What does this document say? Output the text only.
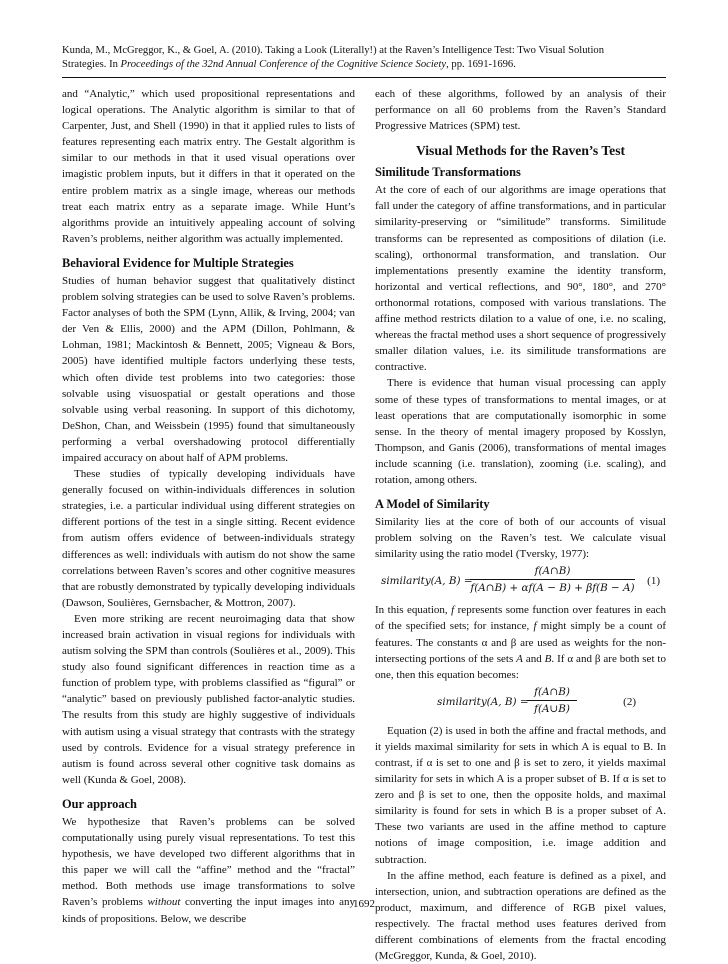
Kunda, M., McGreggor, K., & Goel, A. (2010). Taking a Look (Literally!) at the Raven’s Intelligence Test: Two Visual Solution
Strategies. In Proceedings of the 32nd Annual Conference of the Cognitive Science Society, pp. 1691-1696.

and “Analytic,” which used propositional representations and logical operations. The Analytic algorithm is similar to that of Carpenter, Just, and Shell (1990) in that it applied rules to lists of features representing each matrix entry. The Gestalt algorithm is similar to our methods in that it used visual operations over imagistic problem inputs, but it differs in that it operated on the entire problem matrix as a single image, whereas our methods treat each matrix entry as a separate image. While Hunt’s algorithms provide an intuitively appealing account of solving Raven’s problems, neither algorithm was actually implemented.

Behavioral Evidence for Multiple Strategies

Studies of human behavior suggest that qualitatively distinct problem solving strategies can be used to solve Raven’s problems. Factor analyses of both the SPM (Lynn, Allik, & Irving, 2004; van der Ven & Ellis, 2000) and the APM (Dillon, Pohlmann, & Lohman, 1981; Mackintosh & Bennett, 2005; Vigneau & Bors, 2005) have identified multiple factors underlying these tests, which often divide test problems into two categories: those solvable using visuospatial or gestalt operations and those solvable using verbal reasoning. In support of this dichotomy, DeShon, Chan, and Weissbein (1995) found that simultaneously performing a verbal overshadowing protocol differentially impaired accuracy on about half of APM problems.

These studies of typically developing individuals have generally focused on within-individuals differences in solution strategies, i.e. a particular individual using different strategies on different portions of the test in a single sitting. Recent evidence from autism offers evidence of between-individuals strategy differences as well: individuals with autism do not show the same correlations between Raven’s scores and other cognitive measures that are robustly demonstrated by typically developing individuals (Dawson, Soulières, Gernsbacher, & Mottron, 2007).

Even more striking are recent neuroimaging data that show increased brain activation in visual regions for individuals with autism solving the SPM than controls (Soulières et al., 2009). This study also found significant differences in reaction time as a function of problem type, with problems classified as “figural” or “analytic” based on previously published factor-analytic studies. The results from this study are highly suggestive of individuals with autism using a visual strategy that contrasts with the strategy used by controls. Evidence for a visual strategy preference in autism is found across several other cognitive task domains as well (Kunda & Goel, 2008).

Our approach

We hypothesize that Raven’s problems can be solved computationally using purely visual representations. To test this hypothesis, we have developed two different algorithms that in this paper we will call the “affine” method and the “fractal” method. Both methods use image transformations to solve Raven’s problems without converting the input images into any kinds of propositions. Below, we describe

each of these algorithms, followed by an analysis of their performance on all 60 problems from the Raven’s Standard Progressive Matrices (SPM) test.

Visual Methods for the Raven’s Test
Similitude Transformations

At the core of each of our algorithms are image operations that fall under the category of affine transformations, and in particular similarity-preserving or “similitude” transforms. Similitude transforms can be represented as compositions of dilation (i.e. scaling), orthonormal transformation, and translation. Our implementations presently examine the identity transform, horizontal and vertical reflections, and 90°, 180°, and 270° orthonormal rotations, composed with various translations. The affine method restricts dilation to a value of one, i.e. no scaling, whereas the fractal method uses a short sequence of progressively smaller dilation values, i.e. its similitude transformations are contractive.

There is evidence that human visual processing can apply some of these types of transformations to mental images, or at least operations that are computationally isomorphic in some sense. In the theory of mental imagery proposed by Kosslyn, Thompson, and Ganis (2006), transformations of mental images include scanning (i.e. translation), zooming (i.e. scaling), and rotation, among others.

A Model of Similarity

Similarity lies at the core of both of our accounts of visual problem solving on the Raven’s test. We calculate visual similarity using the ratio model (Tversky, 1977):

similarity(A, B) =
$\frac{f(A\cap B)}{f(A\cap B) + \alpha f(A - B) + \beta f(B - A)} (1)$

In this equation, f represents some function over features in each of the specified sets; for instance, f might simply be a count of features. The constants α and β are used as weights for the non-intersecting portions of the sets A and B. If α and β are both set to one, then this equation becomes:

similarity(A, B) =
$\frac{f(A\cap B)}{f(A\cup B)}$	(2)

Equation (2) is used in both the affine and fractal methods, and it yields maximal similarity for sets in which A is equal to B. In contrast, if α is set to one and β is set to zero, it yields maximal similarity for sets in which A is a proper subset of B. If α is set to zero and β is set to one, then the opposite holds, and maximal similarity is found for sets in which B is a proper subset of A. These two variants are used in the affine method to capture notions of image composition, i.e. image addition and subtraction.

In the affine method, each feature is defined as a pixel, and intersection, union, and subtraction operations are defined as the product, maximum, and difference of RGB pixel values, respectively. The fractal method uses features derived from different combinations of elements from the fractal encoding (McGreggor, Kunda, & Goel, 2010).

1692
